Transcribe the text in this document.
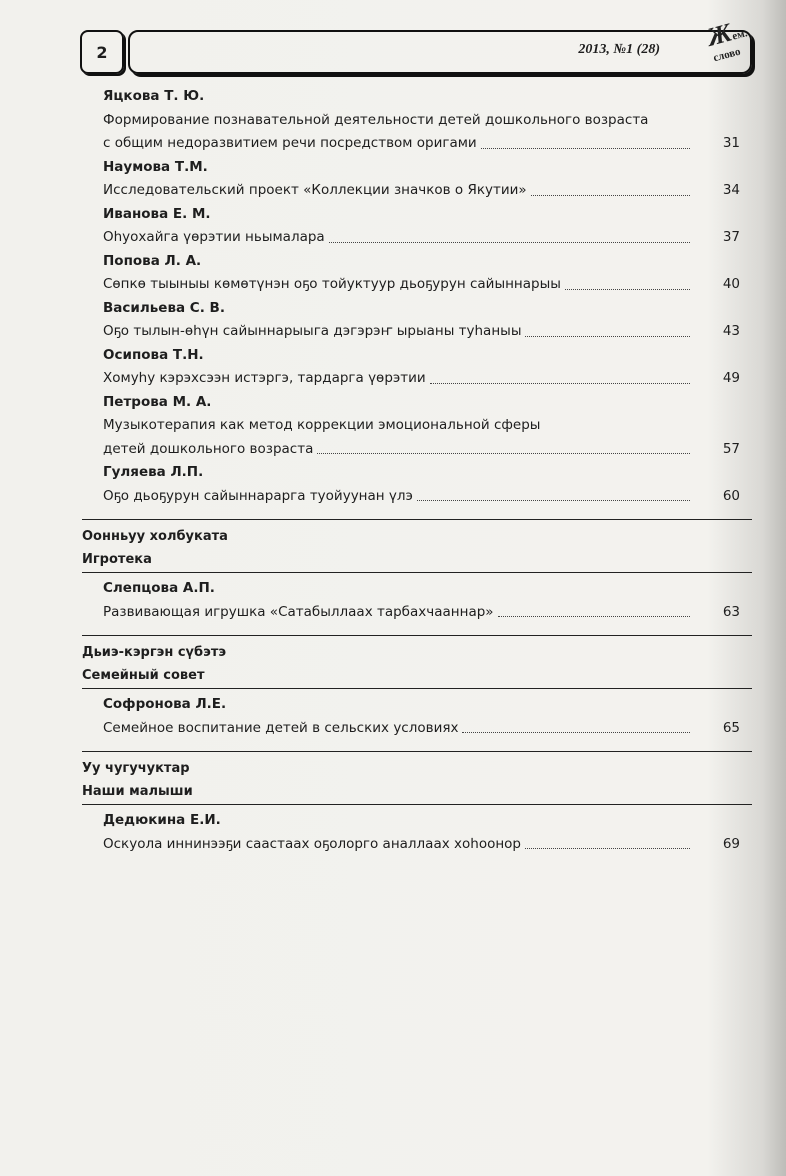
2	2013, №1 (28) Жем.
слово
Яцкова Т. Ю.
Формирование познавательной деятельности детей дошкольного возраста
с общим недоразвитием речи посредством оригами	31
Наумова Т.М.
Исследовательский проект «Коллекции значков о Якутии»	34
Иванова Е. М.
Оһуохайга үөрэтии ньымалара	37
Попова Л. А.
Сөпкө тыыныы көмөтүнэн оҕо тойуктуур дьоҕурун сайыннарыы	40
Васильева С. В.
Оҕо тылын-өһүн сайыннарыыга дэгэрэҥ ырыаны туһаныы	43
Осипова Т.Н.
Хомуһу кэрэхсээн истэргэ, тардарга үөрэтии	49
Петрова М. А.
Музыкотерапия как метод коррекции эмоциональной сферы
детей дошкольного возраста	57
Гуляева Л.П.
Оҕо дьоҕурун сайыннарарга туойуунан үлэ	60
Оонньуу холбуката
Игротека
Слепцова А.П.
Развивающая игрушка «Сатабыллаах тарбахчааннар»	63
Дьиэ-кэргэн сүбэтэ
Семейный совет
Софронова Л.Е.
Семейное воспитание детей в сельских условиях	65
Уу чугучуктар
Наши малыши
Дедюкина Е.И.
Оскуола иннинээҕи саастаах оҕолорго аналлаах хоһоонор	69
